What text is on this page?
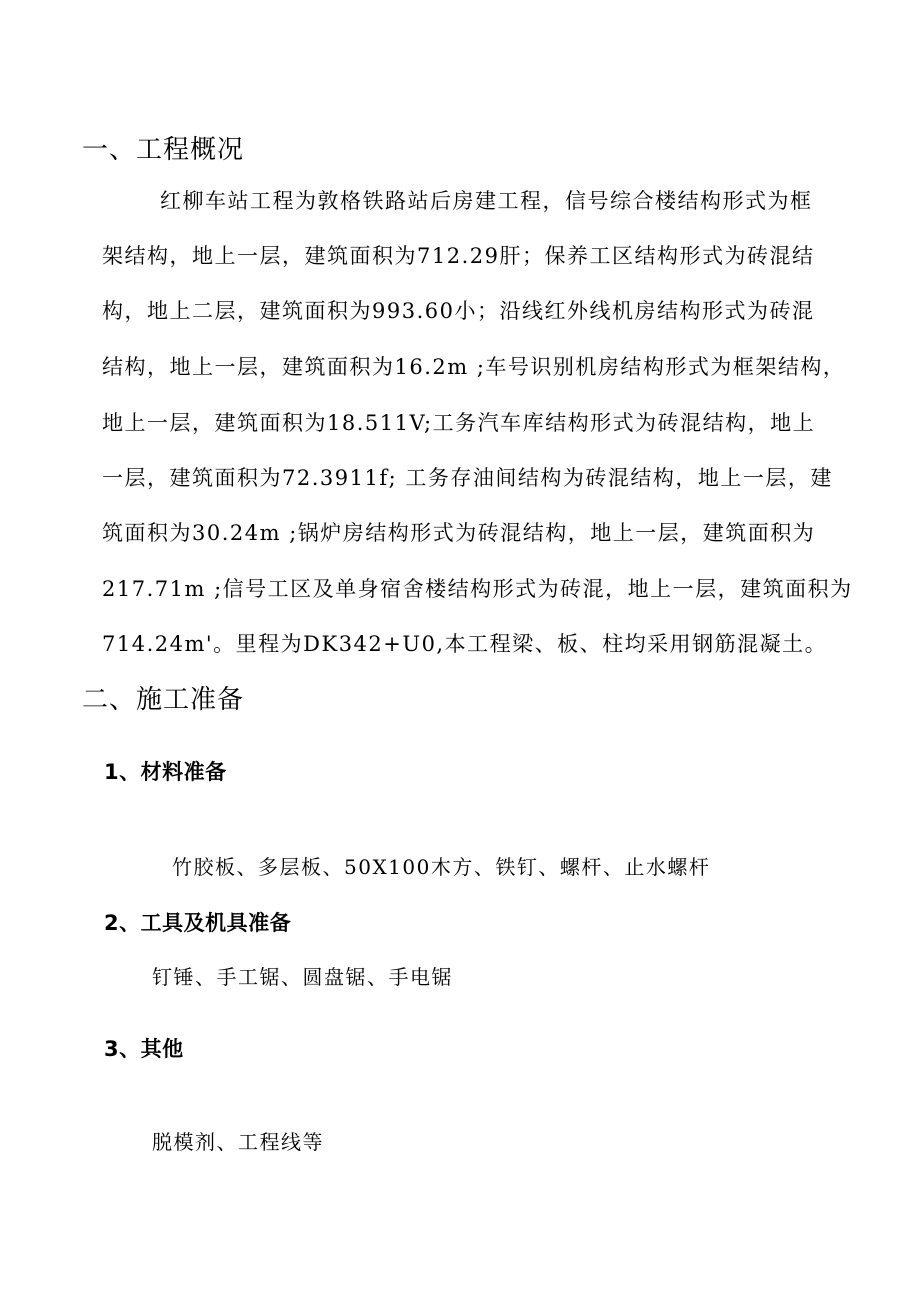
一、工程概况

红柳车站工程为敦格铁路站后房建工程，信号综合楼结构形式为框

架结构，地上一层，建筑面积为712.29肝；保养工区结构形式为砖混结

构，地上二层，建筑面积为993.60小；沿线红外线机房结构形式为砖混

结构，地上一层，建筑面积为16.2m ;车号识别机房结构形式为框架结构，

地上一层，建筑面积为18.511V;工务汽车库结构形式为砖混结构，地上

一层，建筑面积为72.3911f; 工务存油间结构为砖混结构，地上一层，建

筑面积为30.24m ;锅炉房结构形式为砖混结构，地上一层，建筑面积为

217.71m ;信号工区及单身宿舍楼结构形式为砖混，地上一层，建筑面积为

714.24m'。里程为DK342+U0,本工程梁、板、柱均采用钢筋混凝土。

二、施工准备
1、材料准备

竹胶板、多层板、50X100木方、铁钉、螺杆、止水螺杆

2、工具及机具准备

钉锤、手工锯、圆盘锯、手电锯

3、其他

脱模剂、工程线等
